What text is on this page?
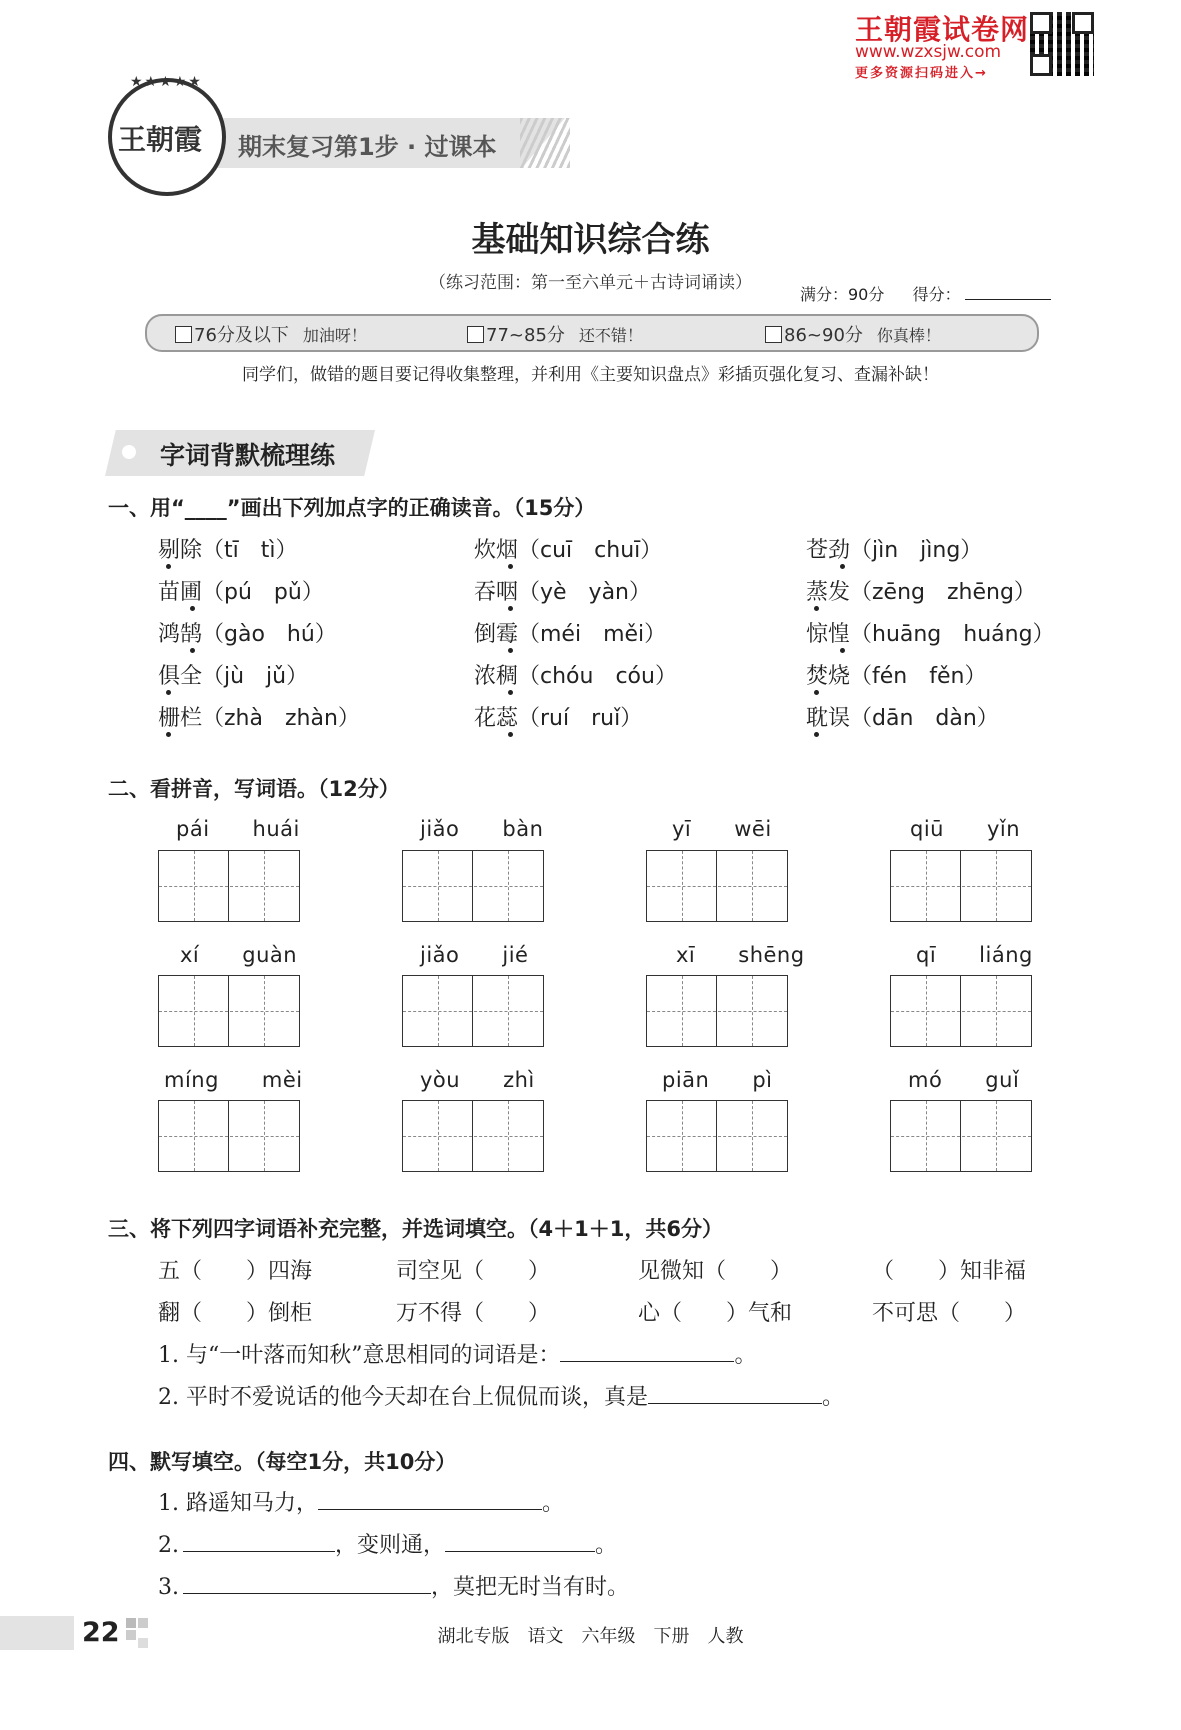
王朝霞试卷网
www.wzxsjw.com
更多资源扫码进入→
期末复习第1步 · 过课本
★★★★★
王朝霞
基础知识综合练
（练习范围：第一至六单元＋古诗词诵读）
满分：90分 得分：
76分及以下 加油呀！	77~85分 还不错！	86~90分 你真棒！
同学们，做错的题目要记得收集整理，并利用《主要知识盘点》彩插页强化复习、查漏补缺！
字词背默梳理练
一、用“____”画出下列加点字的正确读音。（15分）
剔除（tī　tì）	炊烟（cuī　chuī）	苍劲（jìn　jìng）
苗圃（pú　pǔ）	吞咽（yè　yàn）	蒸发（zēng　zhēng）
鸿鹄（gào　hú）	倒霉（méi　měi）	惊惶（huāng　huáng）
俱全（jù　jǔ）	浓稠（chóu　cóu）	焚烧（fén　fěn）
栅栏（zhà　zhàn）	花蕊（ruí　ruǐ）	耽误（dān　dàn）
二、看拼音，写词语。（12分）
pái　　huái	jiǎo　　bàn	yī　　wēi	qiū　　yǐn
xí　　guàn	jiǎo　　jié	xī　　shēng	qī　　liáng
míng　　mèi	yòu　　zhì	piān　　pì	mó　　guǐ
三、将下列四字词语补充完整，并选词填空。（4＋1＋1，共6分）
五（　　）四海	司空见（　　）	见微知（　　）	（　　）知非福
翻（　　）倒柜	万不得（　　）	心（　　）气和	不可思（　　）
1. 与“一叶落而知秋”意思相同的词语是：	。
2. 平时不爱说话的他今天却在台上侃侃而谈，真是	。
四、默写填空。（每空1分，共10分）
1. 路遥知马力，	。
2.	，变则通，	。
3.	，莫把无时当有时。
22	湖北专版　语文　六年级　下册　人教
